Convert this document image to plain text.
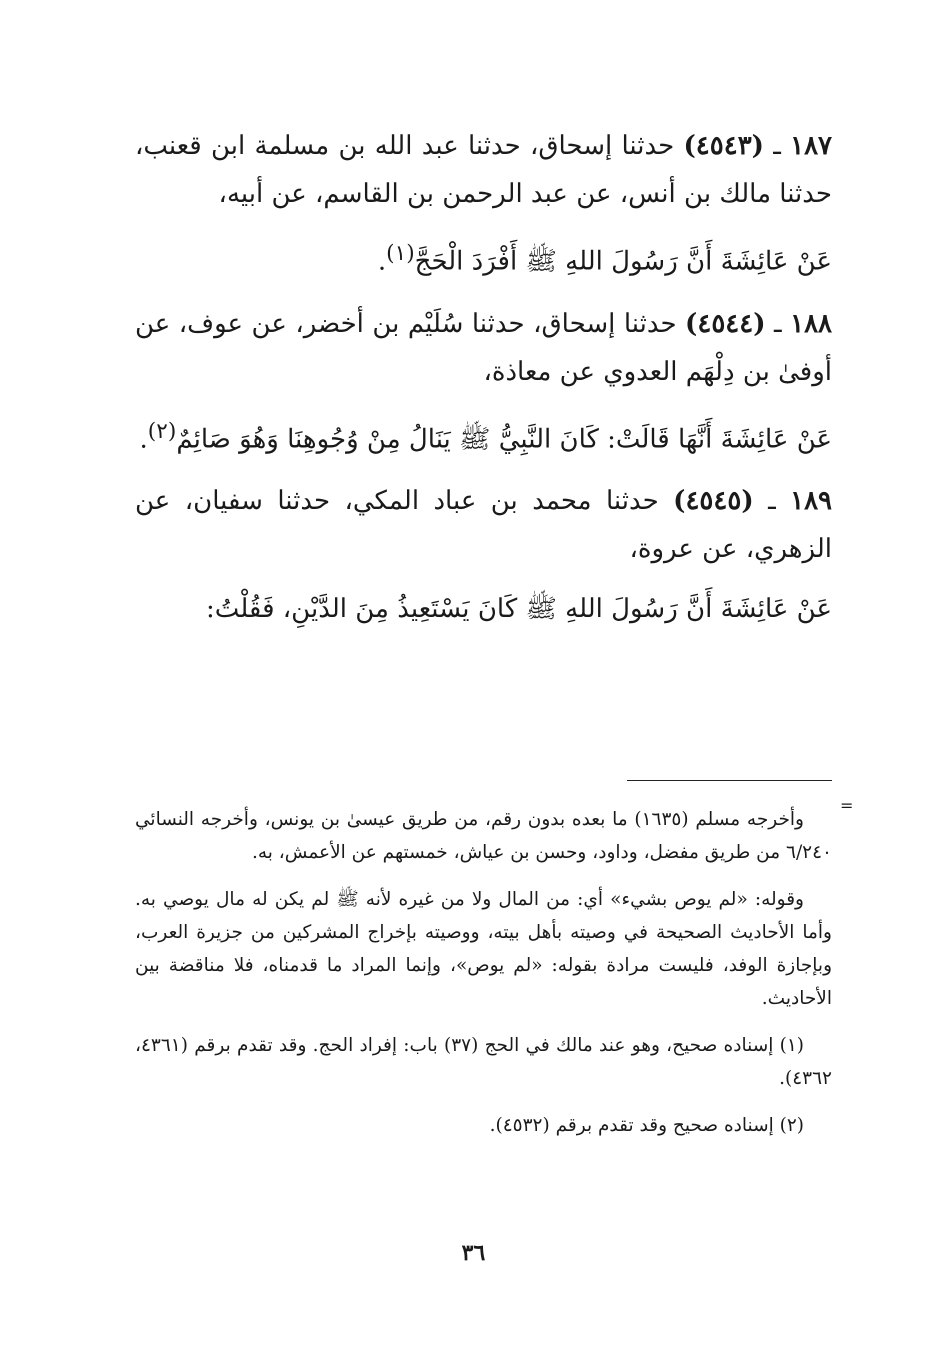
١٨٧ ـ (٤٥٤٣) حدثنا إسحاق، حدثنا عبد الله بن مسلمة ابن قعنب، حدثنا مالك بن أنس، عن عبد الرحمن بن القاسم، عن أبيه،
عَنْ عَائِشَةَ أَنَّ رَسُولَ اللهِ ﷺ أَفْرَدَ الْحَجَّ$^{(١)}$.
١٨٨ ـ (٤٥٤٤) حدثنا إسحاق، حدثنا سُلَيْم بن أخضر، عن عوف، عن أوفىٰ بن دِلْهَم العدوي عن معاذة،
عَنْ عَائِشَةَ أَنَّهَا قَالَتْ: كَانَ النَّبِيُّ ﷺ يَنَالُ مِنْ وُجُوهِنَا وَهُوَ صَائِمٌ$^{(٢)}$.
١٨٩ ـ (٤٥٤٥) حدثنا محمد بن عباد المكي، حدثنا سفيان، عن الزهري، عن عروة،
عَنْ عَائِشَةَ أَنَّ رَسُولَ اللهِ ﷺ كَانَ يَسْتَعِيذُ مِنَ الدَّيْنِ، فَقُلْتُ:
=

وأخرجه مسلم (١٦٣٥) ما بعده بدون رقم، من طريق عيسىٰ بن يونس، وأخرجه النسائي ٦/٢٤٠ من طريق مفضل، وداود، وحسن بن عياش، خمستهم عن الأعمش، به.

وقوله: «لم يوص بشيء» أي: من المال ولا من غيره لأنه ﷺ لم يكن له مال يوصي به. وأما الأحاديث الصحيحة في وصيته بأهل بيته، ووصيته بإخراج المشركين من جزيرة العرب، وبإجازة الوفد، فليست مرادة بقوله: «لم يوص»، وإنما المراد ما قدمناه، فلا مناقضة بين الأحاديث.

(١) إسناده صحيح، وهو عند مالك في الحج (٣٧) باب: إفراد الحج. وقد تقدم برقم (٤٣٦١، ٤٣٦٢).

(٢) إسناده صحيح وقد تقدم برقم (٤٥٣٢).

٣٦
